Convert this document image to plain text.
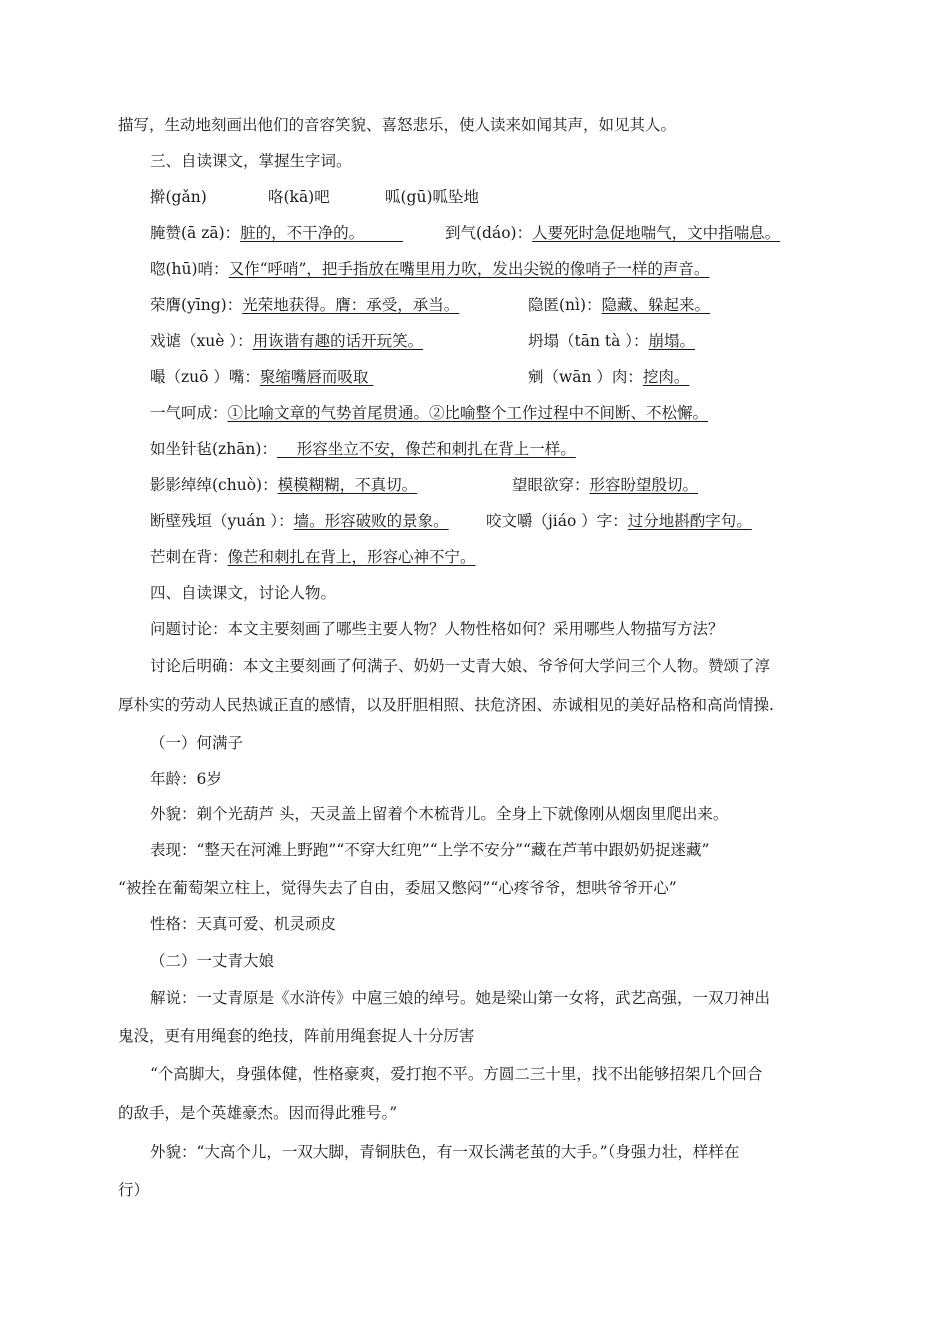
描写，生动地刻画出他们的音容笑貌、喜怒悲乐，使人读来如闻其声，如见其人。
三、自读课文，掌握生字词。
擀(gǎn)	咯(kā)吧	呱(gū)呱坠地
腌赞(ā zā)：脏的，不干净的。　　　	到气(dáo)：人要死时急促地喘气，文中指喘息。
唿(hū)哨：又作“呼哨”，把手指放在嘴里用力吹，发出尖锐的像哨子一样的声音。
荣膺(yīng)：光荣地获得。膺：承受，承当。	隐匿(nì)：隐藏、躲起来。
戏谑（xuè ）：用诙谐有趣的话开玩笑。	坍塌（tān tà ）：崩塌。
嘬（zuō ）嘴：聚缩嘴唇而吸取	剜（wān ）肉：挖肉。
一气呵成：①比喻文章的气势首尾贯通。②比喻整个工作过程中不间断、不松懈。
如坐针毡(zhān)： 形容坐立不安，像芒和刺扎在背上一样。
影影绰绰(chuò)：模模糊糊，不真切。	望眼欲穿：形容盼望殷切。
断壁残垣（yuán ）：墙。形容破败的景象。 咬文嚼（jiáo ）字：过分地斟酌字句。
芒刺在背：像芒和刺扎在背上，形容心神不宁。
四、自读课文，讨论人物。
问题讨论：本文主要刻画了哪些主要人物？人物性格如何？采用哪些人物描写方法？
讨论后明确：本文主要刻画了何满子、奶奶一丈青大娘、爷爷何大学问三个人物。赞颂了淳
厚朴实的劳动人民热诚正直的感情，以及肝胆相照、扶危济困、赤诚相见的美好品格和高尚情操.
（一）何满子
年龄：6岁
外貌：剃个光葫芦 头，天灵盖上留着个木梳背儿。全身上下就像刚从烟囱里爬出来。
表现：“整天在河滩上野跑”“不穿大红兜”“上学不安分”“藏在芦苇中跟奶奶捉迷藏”
“被拴在葡萄架立柱上，觉得失去了自由，委屈又憋闷”“心疼爷爷，想哄爷爷开心”
性格：天真可爱、机灵顽皮
（二）一丈青大娘
解说：一丈青原是《水浒传》中扈三娘的绰号。她是梁山第一女将，武艺高强，一双刀神出
鬼没，更有用绳套的绝技，阵前用绳套捉人十分厉害
“个高脚大，身强体健，性格豪爽，爱打抱不平。方圆二三十里，找不出能够招架几个回合
的敌手，是个英雄豪杰。因而得此雅号。”
外貌：“大高个儿，一双大脚，青铜肤色，有一双长满老茧的大手。”（身强力壮，样样在
行）
